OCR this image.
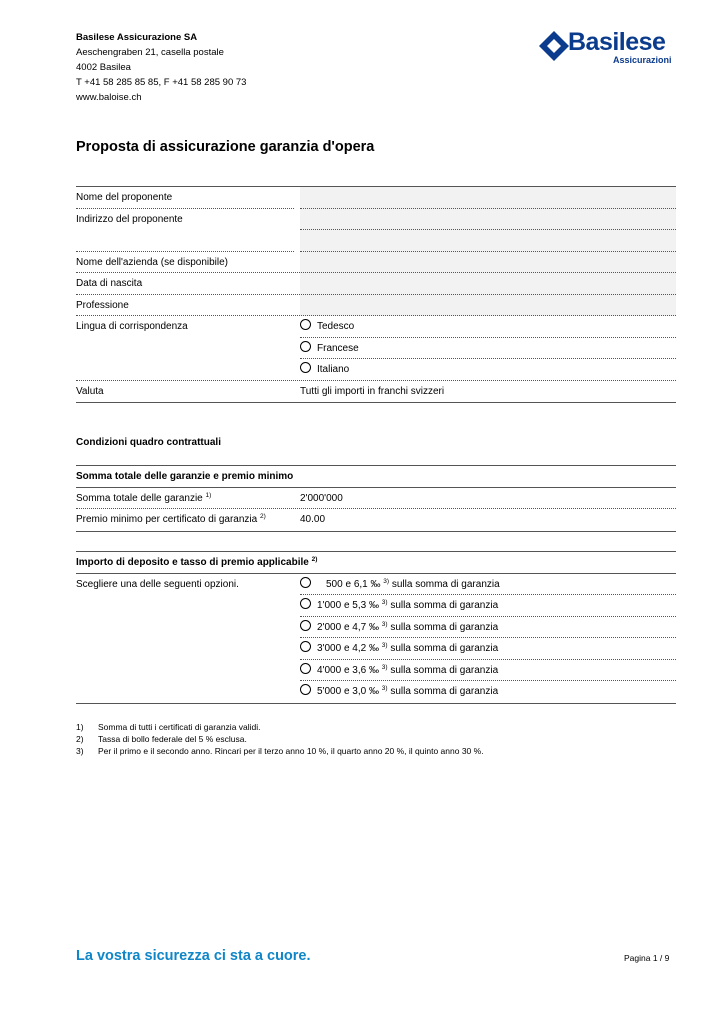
Basilese Assicurazione SA
Aeschengraben 21, casella postale
4002 Basilea
T +41 58 285 85 85, F +41 58 285 90 73
www.baloise.ch
Basilese
Assicurazioni
Proposta di assicurazione garanzia d'opera
Nome del proponente
Indirizzo del proponente
Nome dell'azienda (se disponibile)
Data di nascita
Professione
Lingua di corrispondenza	Tedesco
Francese
Italiano
Valuta	Tutti gli importi in franchi svizzeri
Condizioni quadro contrattuali
Somma totale delle garanzie e premio minimo
Somma totale delle garanzie $^{1)}$	2'000'000
Premio minimo per certificato di garanzia $^{2)}$	40.00
Importo di deposito e tasso di premio applicabile $^{2)}$
Scegliere una delle seguenti opzioni.	500 e 6,1 ‰ $^{3)}$ sulla somma di garanzia
1'000 e 5,3 ‰ $^{3)}$ sulla somma di garanzia
2'000 e 4,7 ‰ $^{3)}$ sulla somma di garanzia
3'000 e 4,2 ‰ $^{3)}$ sulla somma di garanzia
4'000 e 3,6 ‰ $^{3)}$ sulla somma di garanzia
5'000 e 3,0 ‰ $^{3)}$ sulla somma di garanzia
1) Somma di tutti i certificati di garanzia validi.
2) Tassa di bollo federale del 5 % esclusa.
3) Per il primo e il secondo anno. Rincari per il terzo anno 10 %, il quarto anno 20 %, il quinto anno 30 %.
La vostra sicurezza ci sta a cuore.	Pagina 1 / 9
